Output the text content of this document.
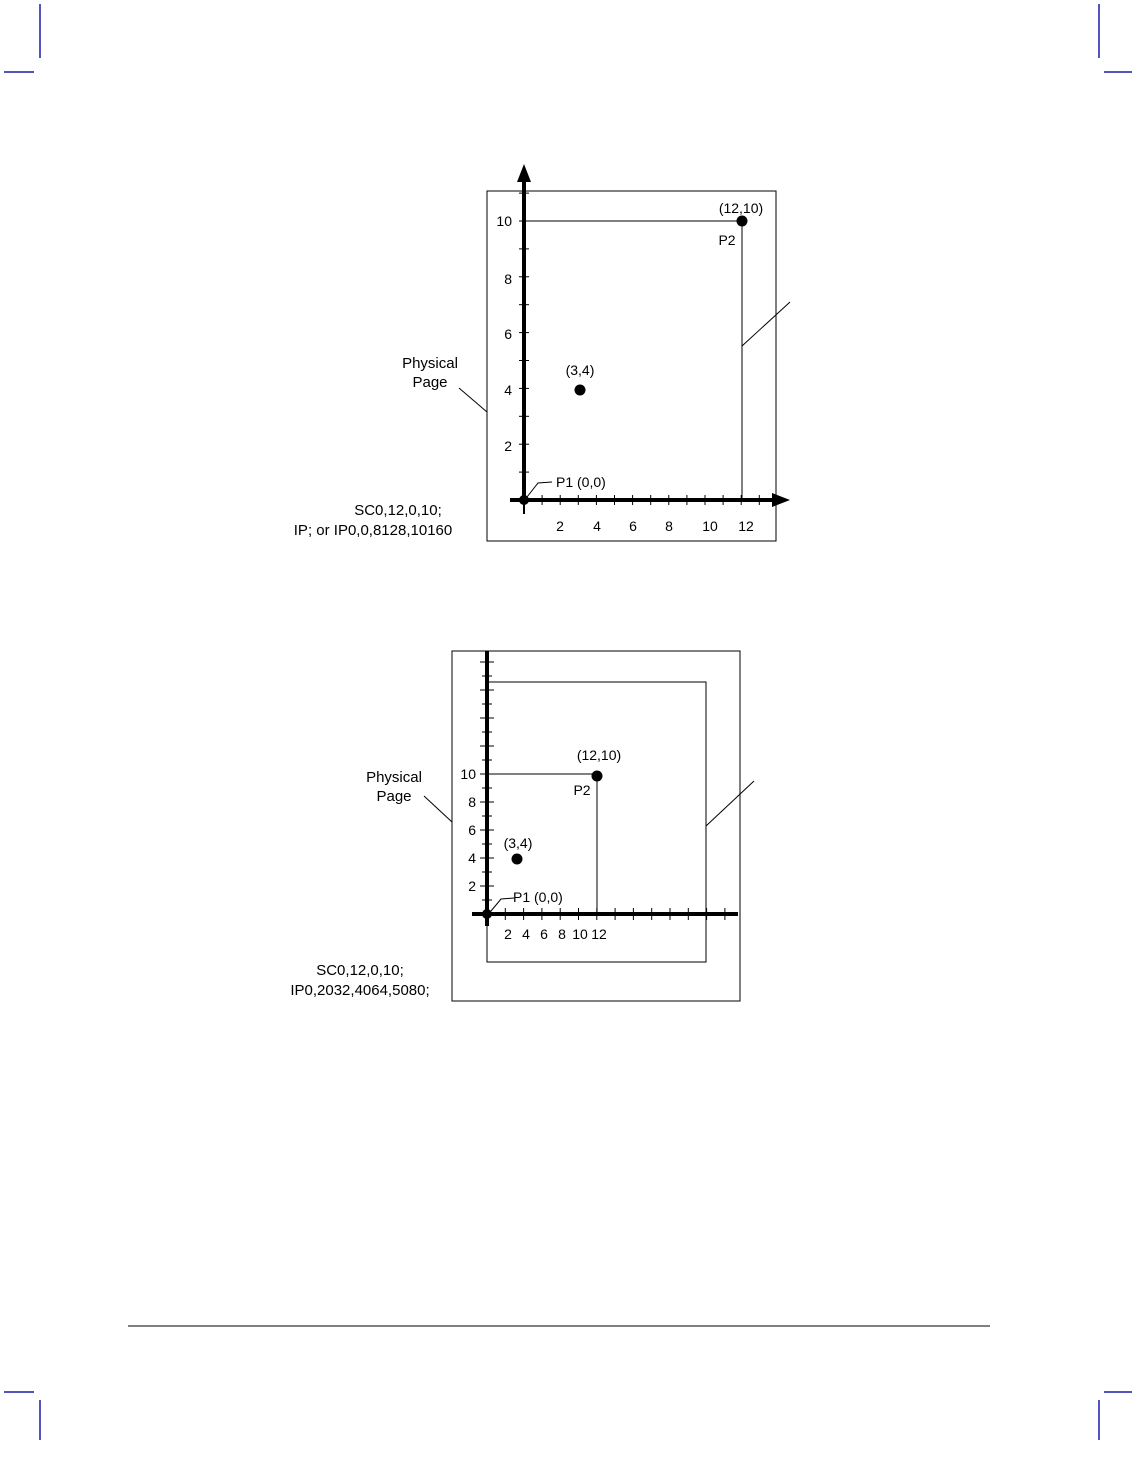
10
8
6
4
2
2 4 6 8 10 12
(12,10)
P2
(3,4)
P1 (0,0)
Physical
Page
SC0,12,0,10;
IP; or IP0,0,8128,10160
10
8
6
4
2
2 4 6 8 10 12
(12,10)
P2
(3,4)
P1 (0,0)
Physical
Page
SC0,12,0,10;
IP0,2032,4064,5080;
